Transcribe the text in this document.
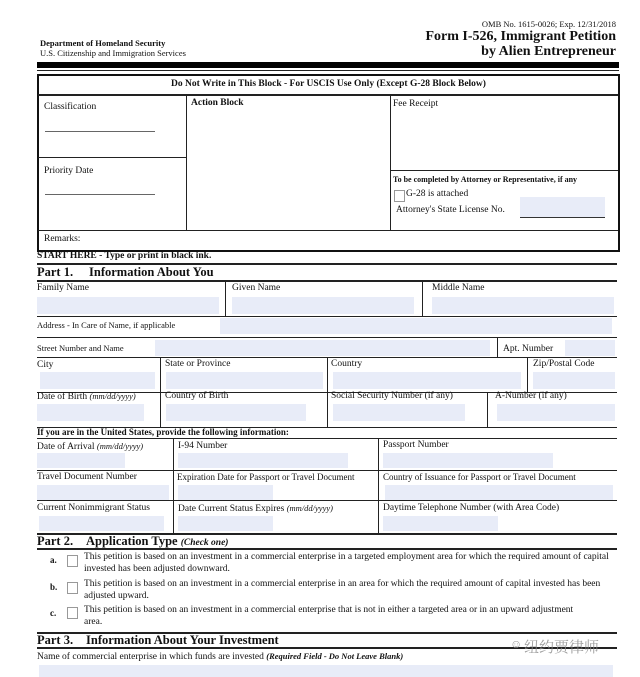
OMB No. 1615-0026; Exp. 12/31/2018
Form I-526, Immigrant Petition
by Alien Entrepreneur
Department of Homeland Security
U.S. Citizenship and Immigration Services
Do Not Write in This Block - For USCIS Use Only (Except G-28 Block Below)
Classification
Priority Date
Action Block	Fee Receipt
To be completed by Attorney or Representative, if any
G-28 is attached
Attorney's State License No.
Remarks:
START HERE - Type or print in black ink.
Part 1. Information About You
Family Name	Given Name	Middle Name
Address - In Care of Name, if applicable
Street Number and Name	Apt. Number
City	State or Province	Country	Zip/Postal Code
Date of Birth (mm/dd/yyyy)	Country of Birth	Social Security Number (if any)	A-Number (if any)
If you are in the United States, provide the following information:
Date of Arrival (mm/dd/yyyy)	I-94 Number	Passport Number
Travel Document Number	Expiration Date for Passport or Travel Document	Country of Issuance for Passport or Travel Document
Current Nonimmigrant Status	Date Current Status Expires (mm/dd/yyyy)	Daytime Telephone Number (with Area Code)
Part 2. Application Type (Check one)
a.	This petition is based on an investment in a commercial enterprise in a targeted employment area for which the required amount of capital invested has been adjusted downward.
b.	This petition is based on an investment in a commercial enterprise in an area for which the required amount of capital invested has been adjusted upward.
c.	This petition is based on an investment in a commercial enterprise that is not in either a targeted area or in an upward adjustment area.
Part 3. Information About Your Investment
Name of commercial enterprise in which funds are invested (Required Field - Do Not Leave Blank)	纽约贾律师
☺
